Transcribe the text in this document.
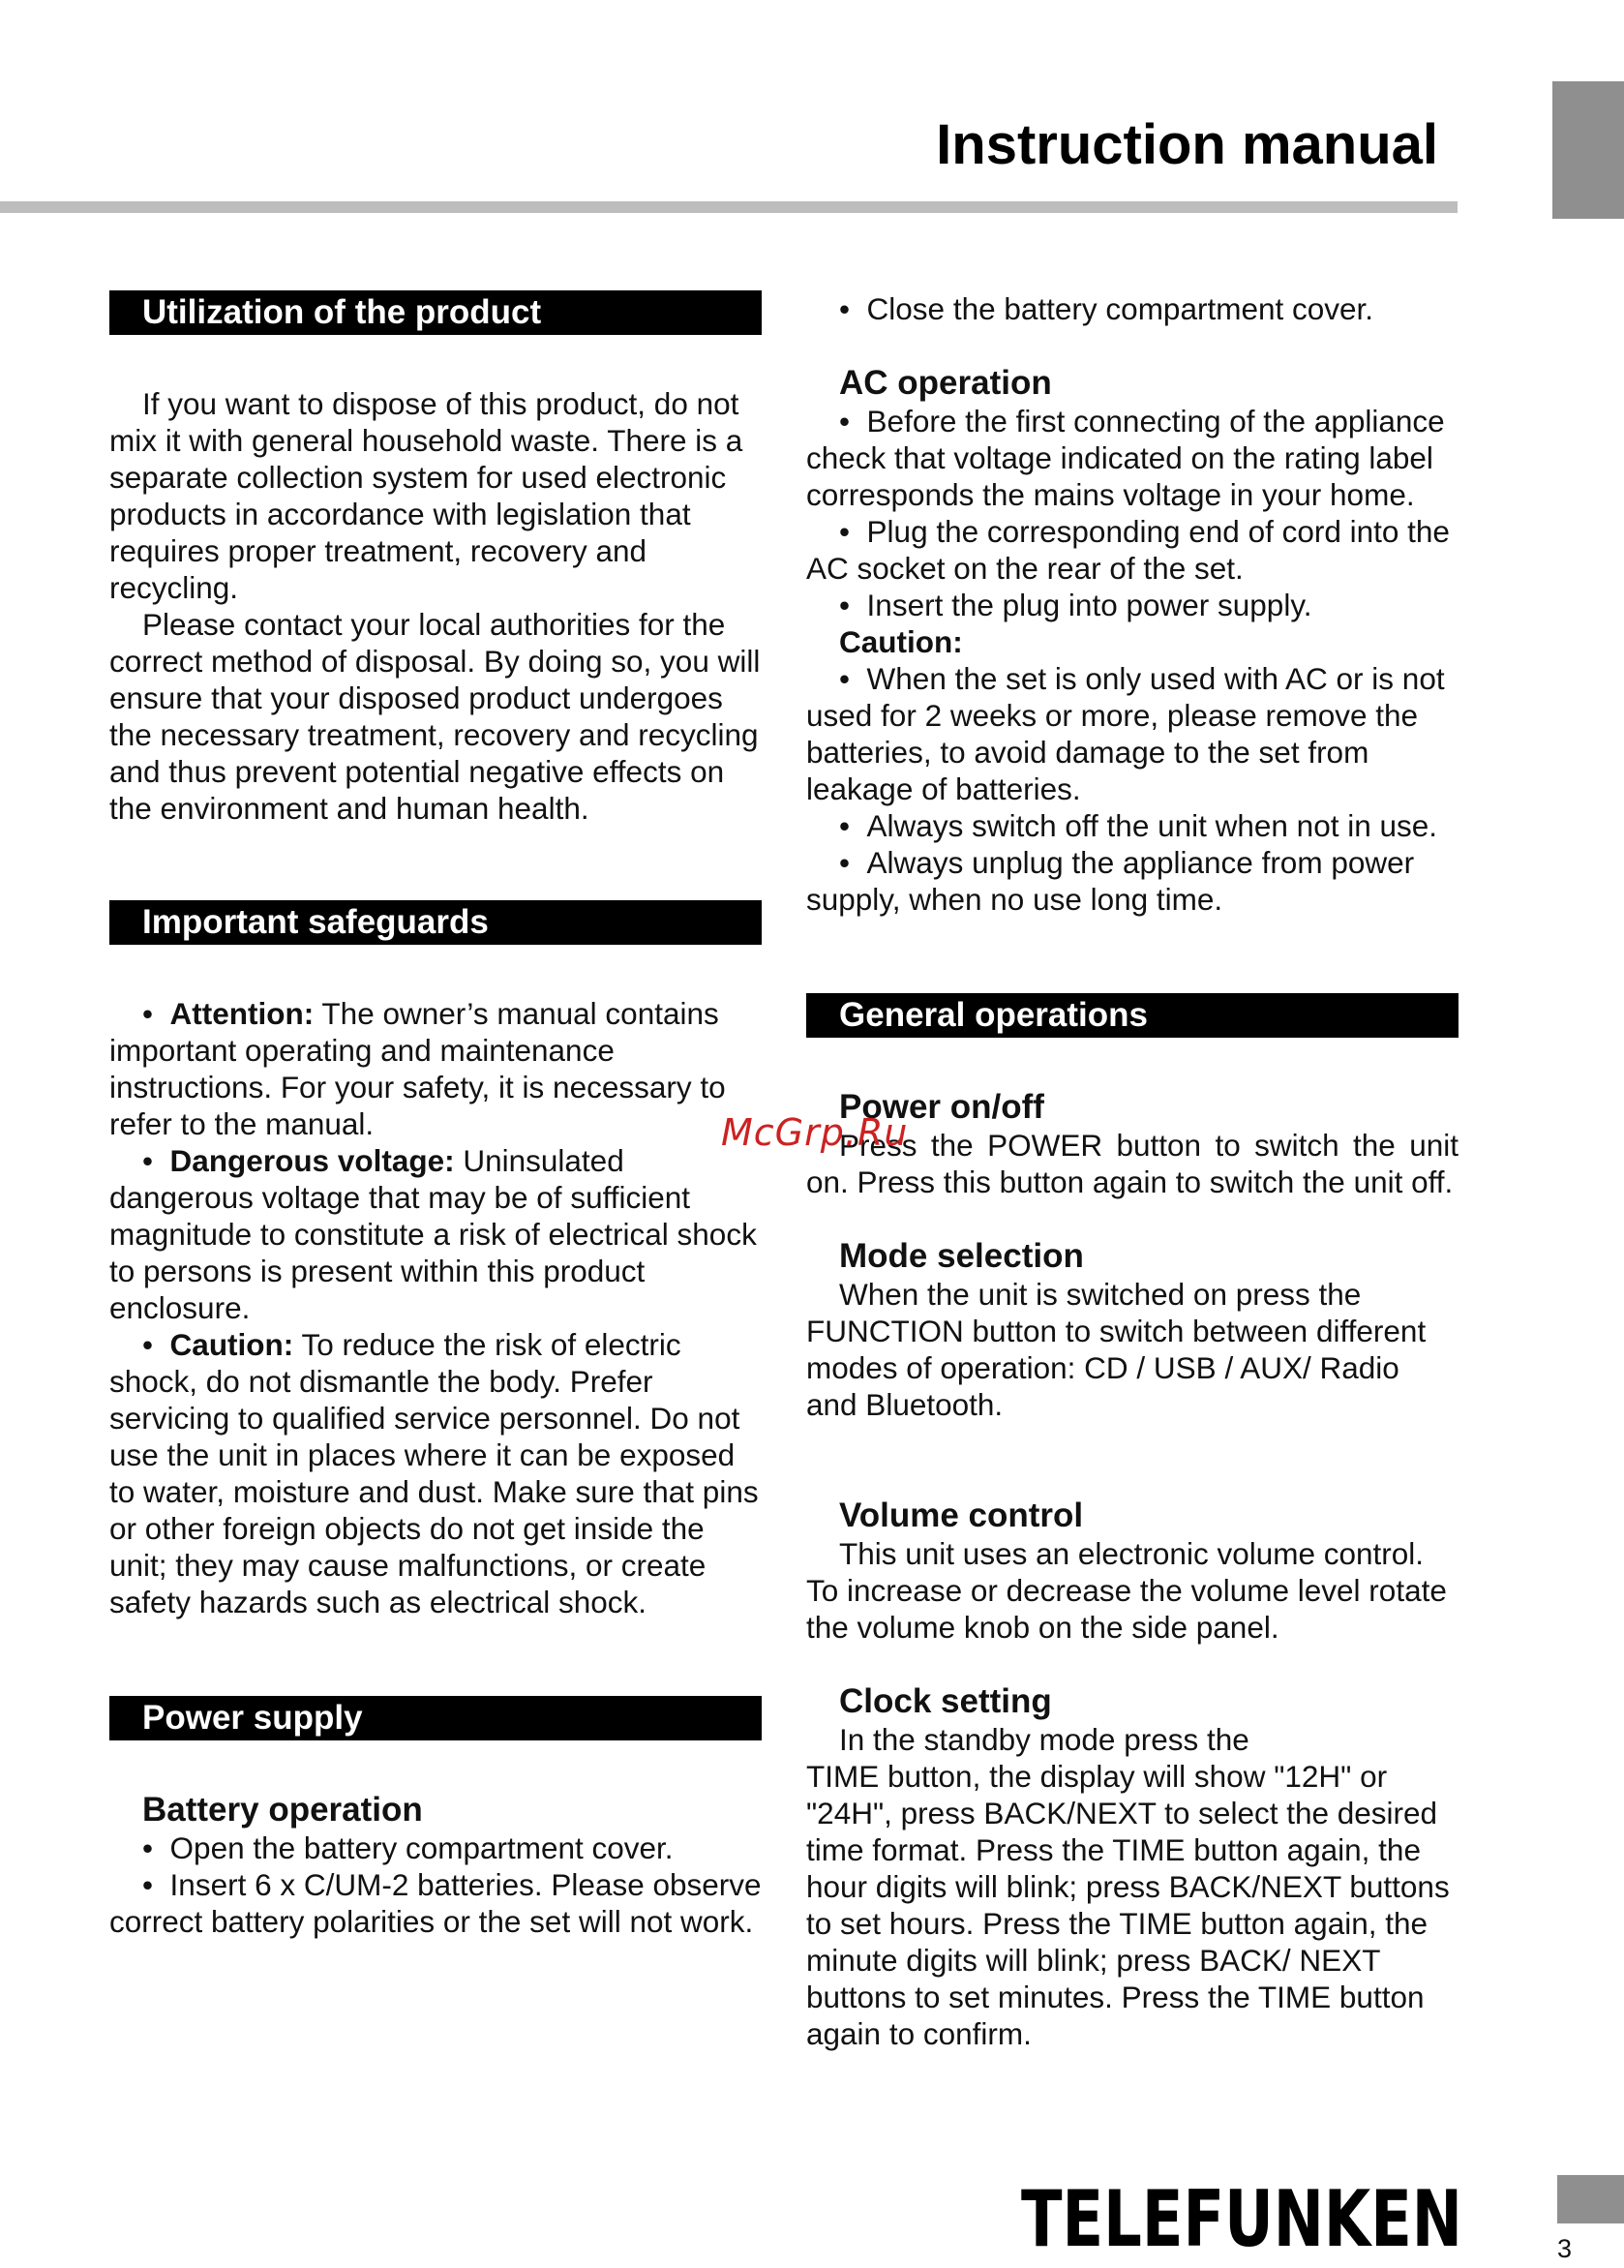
Instruction manual
Utilization of the product

If you want to dispose of this product, do not mix it with general household waste. There is a separate collection system for used electronic products in accordance with legislation that requires proper treatment, recovery and recycling.

Please contact your local authorities for the correct method of disposal. By doing so, you will ensure that your disposed product undergoes the necessary treatment, recovery and recycling and thus prevent potential negative effects on the environment and human health.

Important safeguards

•  Attention: The owner’s manual contains important operating and maintenance instructions. For your safety, it is necessary to refer to the manual.

•  Dangerous voltage: Uninsulated dangerous voltage that may be of sufficient magnitude to constitute a risk of electrical shock to persons is present within this product enclosure.

•  Caution: To reduce the risk of electric shock, do not dismantle the body. Prefer servicing to qualified service personnel. Do not use the unit in places where it can be exposed to water, moisture and dust. Make sure that pins or other foreign objects do not get inside the unit; they may cause malfunctions, or create safety hazards such as electrical shock.

Power supply

Battery operation

•  Open the battery compartment cover.

•  Insert 6 x C/UM-2 batteries. Please observe correct battery polarities or the set will not work.

•  Close the battery compartment cover.

AC operation

•  Before the first connecting of the appliance check that voltage indicated on the rating label corresponds the mains voltage in your home.

•  Plug the corresponding end of cord into the AC socket on the rear of the set.

•  Insert the plug into power supply.

Caution:

•  When the set is only used with AC or is not used for 2 weeks or more, please remove the batteries, to avoid damage to the set from leakage of batteries.

•  Always switch off the unit when not in use.

•  Always unplug the appliance from power supply, when no use long time.

General operations

Power on/off

Press the POWER button to switch the unit on. Press this button again to switch the unit off.

Mode selection

When the unit is switched on press the FUNCTION button to switch between different modes of operation: CD / USB / AUX/ Radio and Bluetooth.

Volume control

This unit uses an electronic volume control. To increase or decrease the volume level rotate the volume knob on the side panel.

Clock setting

In the standby mode press the

TIME button, the display will show "12H" or "24H", press BACK/NEXT to select the desired time format. Press the TIME button again, the hour digits will blink; press BACK/NEXT buttons to set hours. Press the TIME button again, the minute digits will blink; press BACK/ NEXT buttons to set minutes. Press the TIME button again to confirm.

McGrp.Ru
TELEFUNKEN	3
